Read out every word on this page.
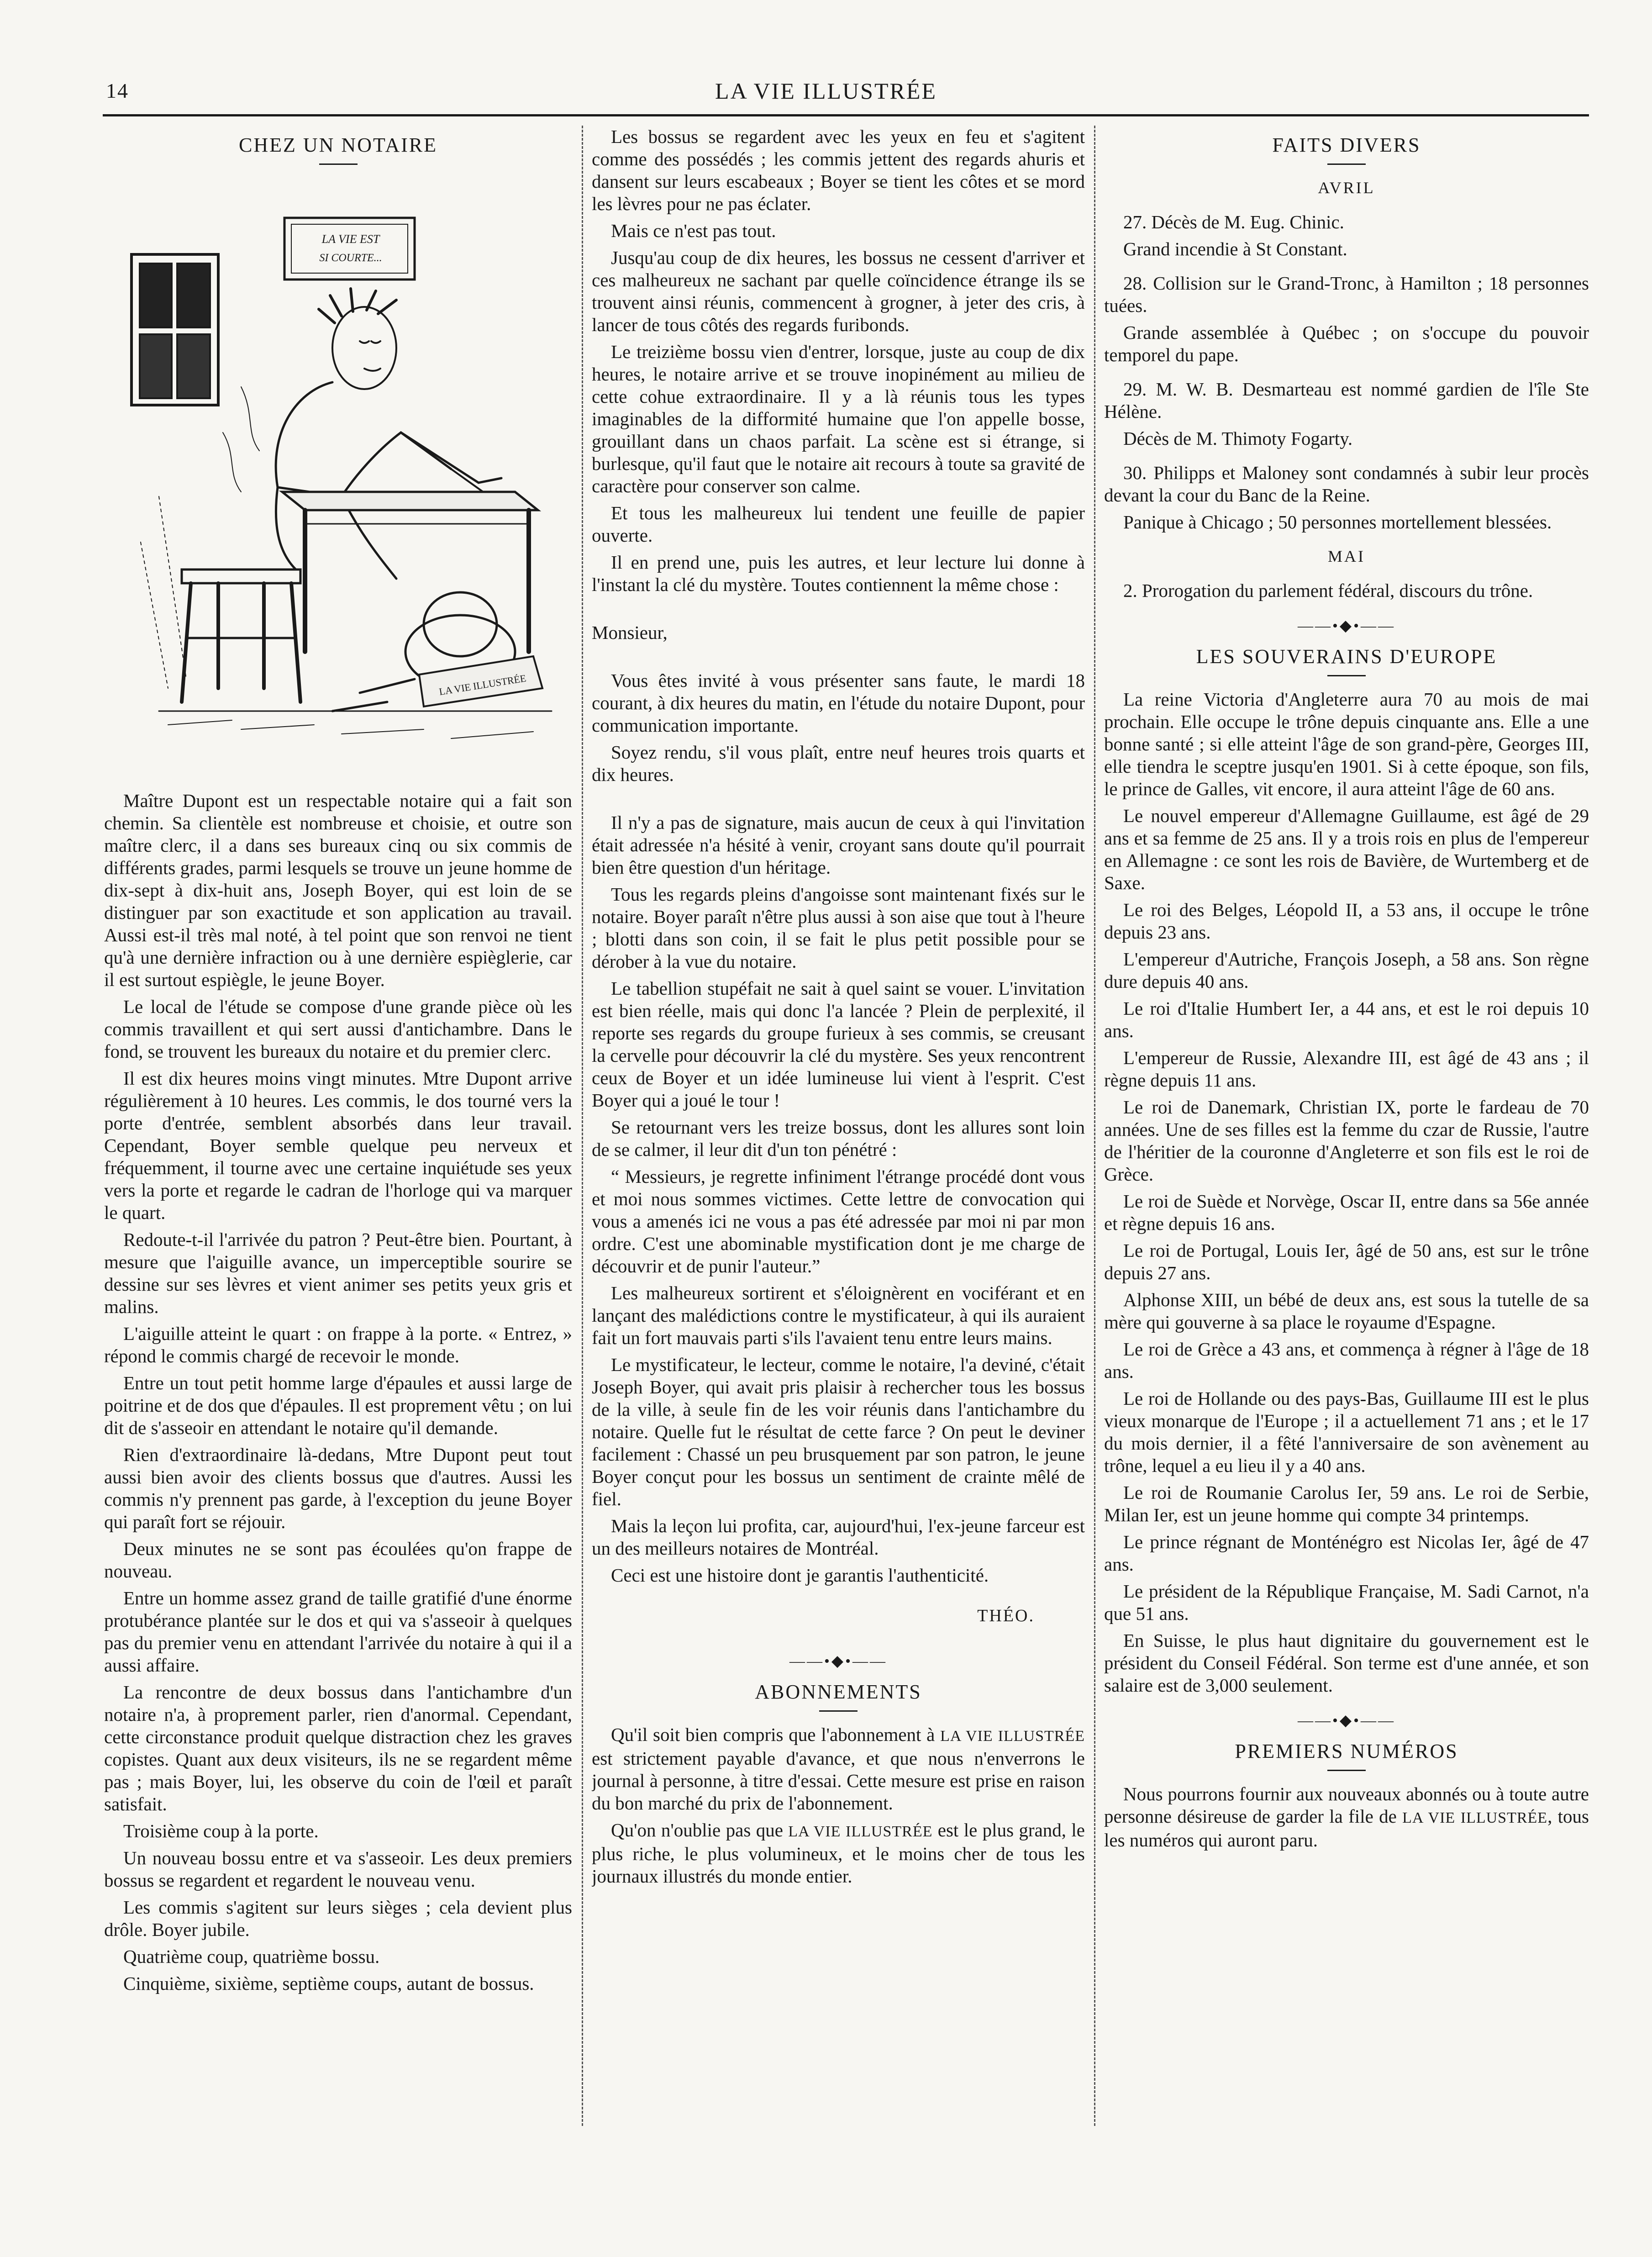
14	LA VIE ILLUSTRÉE
CHEZ UN NOTAIRE
LA VIE EST
SI COURTE...
LA VIE ILLUSTRÉE

Maître Dupont est un respectable notaire qui a fait son chemin. Sa clientèle est nombreuse et choisie, et outre son maître clerc, il a dans ses bureaux cinq ou six commis de différents grades, parmi lesquels se trouve un jeune homme de dix-sept à dix-huit ans, Joseph Boyer, qui est loin de se distinguer par son exactitude et son application au travail. Aussi est-il très mal noté, à tel point que son renvoi ne tient qu'à une dernière infraction ou à une dernière espièglerie, car il est surtout espiègle, le jeune Boyer.

Le local de l'étude se compose d'une grande pièce où les commis travaillent et qui sert aussi d'antichambre. Dans le fond, se trouvent les bureaux du notaire et du premier clerc.

Il est dix heures moins vingt minutes. Mtre Dupont arrive régulièrement à 10 heures. Les commis, le dos tourné vers la porte d'entrée, semblent absorbés dans leur travail. Cependant, Boyer semble quelque peu nerveux et fréquemment, il tourne avec une certaine inquiétude ses yeux vers la porte et regarde le cadran de l'horloge qui va marquer le quart.

Redoute-t-il l'arrivée du patron ? Peut-être bien. Pourtant, à mesure que l'aiguille avance, un imperceptible sourire se dessine sur ses lèvres et vient animer ses petits yeux gris et malins.

L'aiguille atteint le quart : on frappe à la porte. « Entrez, » répond le commis chargé de recevoir le monde.

Entre un tout petit homme large d'épaules et aussi large de poitrine et de dos que d'épaules. Il est proprement vêtu ; on lui dit de s'asseoir en attendant le notaire qu'il demande.

Rien d'extraordinaire là-dedans, Mtre Dupont peut tout aussi bien avoir des clients bossus que d'autres. Aussi les commis n'y prennent pas garde, à l'exception du jeune Boyer qui paraît fort se réjouir.

Deux minutes ne se sont pas écoulées qu'on frappe de nouveau.

Entre un homme assez grand de taille gratifié d'une énorme protubérance plantée sur le dos et qui va s'asseoir à quelques pas du premier venu en attendant l'arrivée du notaire à qui il a aussi affaire.

La rencontre de deux bossus dans l'antichambre d'un notaire n'a, à proprement parler, rien d'anormal. Cependant, cette circonstance produit quelque distraction chez les graves copistes. Quant aux deux visiteurs, ils ne se regardent même pas ; mais Boyer, lui, les observe du coin de l'œil et paraît satisfait.

Troisième coup à la porte.

Un nouveau bossu entre et va s'asseoir. Les deux premiers bossus se regardent et regardent le nouveau venu.

Les commis s'agitent sur leurs sièges ; cela devient plus drôle. Boyer jubile.

Quatrième coup, quatrième bossu.

Cinquième, sixième, septième coups, autant de bossus.

Les bossus se regardent avec les yeux en feu et s'agitent comme des possédés ; les commis jettent des regards ahuris et dansent sur leurs escabeaux ; Boyer se tient les côtes et se mord les lèvres pour ne pas éclater.

Mais ce n'est pas tout.

Jusqu'au coup de dix heures, les bossus ne cessent d'arriver et ces malheureux ne sachant par quelle coïncidence étrange ils se trouvent ainsi réunis, commencent à grogner, à jeter des cris, à lancer de tous côtés des regards furibonds.

Le treizième bossu vien d'entrer, lorsque, juste au coup de dix heures, le notaire arrive et se trouve inopinément au milieu de cette cohue extraordinaire. Il y a là réunis tous les types imaginables de la difformité humaine que l'on appelle bosse, grouillant dans un chaos parfait. La scène est si étrange, si burlesque, qu'il faut que le notaire ait recours à toute sa gravité de caractère pour conserver son calme.

Et tous les malheureux lui tendent une feuille de papier ouverte.

Il en prend une, puis les autres, et leur lecture lui donne à l'instant la clé du mystère. Toutes contiennent la même chose :

Monsieur,

Vous êtes invité à vous présenter sans faute, le mardi 18 courant, à dix heures du matin, en l'étude du notaire Dupont, pour communication importante.

Soyez rendu, s'il vous plaît, entre neuf heures trois quarts et dix heures.

Il n'y a pas de signature, mais aucun de ceux à qui l'invitation était adressée n'a hésité à venir, croyant sans doute qu'il pourrait bien être question d'un héritage.

Tous les regards pleins d'angoisse sont maintenant fixés sur le notaire. Boyer paraît n'être plus aussi à son aise que tout à l'heure ; blotti dans son coin, il se fait le plus petit possible pour se dérober à la vue du notaire.

Le tabellion stupéfait ne sait à quel saint se vouer. L'invitation est bien réelle, mais qui donc l'a lancée ? Plein de perplexité, il reporte ses regards du groupe furieux à ses commis, se creusant la cervelle pour découvrir la clé du mystère. Ses yeux rencontrent ceux de Boyer et un idée lumineuse lui vient à l'esprit. C'est Boyer qui a joué le tour !

Se retournant vers les treize bossus, dont les allures sont loin de se calmer, il leur dit d'un ton pénétré :

“ Messieurs, je regrette infiniment l'étrange procédé dont vous et moi nous sommes victimes. Cette lettre de convocation qui vous a amenés ici ne vous a pas été adressée par moi ni par mon ordre. C'est une abominable mystification dont je me charge de découvrir et de punir l'auteur.”

Les malheureux sortirent et s'éloignèrent en vociférant et en lançant des malédictions contre le mystificateur, à qui ils auraient fait un fort mauvais parti s'ils l'avaient tenu entre leurs mains.

Le mystificateur, le lecteur, comme le notaire, l'a deviné, c'était Joseph Boyer, qui avait pris plaisir à rechercher tous les bossus de la ville, à seule fin de les voir réunis dans l'antichambre du notaire. Quelle fut le résultat de cette farce ? On peut le deviner facilement : Chassé un peu brusquement par son patron, le jeune Boyer conçut pour les bossus un sentiment de crainte mêlé de fiel.

Mais la leçon lui profita, car, aujourd'hui, l'ex-jeune farceur est un des meilleurs notaires de Montréal.

Ceci est une histoire dont je garantis l'authenticité.

THÉO.
——•◆•——
ABONNEMENTS

Qu'il soit bien compris que l'abonnement à LA VIE ILLUSTRÉE est strictement payable d'avance, et que nous n'enverrons le journal à personne, à titre d'essai. Cette mesure est prise en raison du bon marché du prix de l'abonnement.

Qu'on n'oublie pas que LA VIE ILLUSTRÉE est le plus grand, le plus riche, le plus volumineux, et le moins cher de tous les journaux illustrés du monde entier.

FAITS DIVERS
AVRIL

27. Décès de M. Eug. Chinic.

Grand incendie à St Constant.

28. Collision sur le Grand-Tronc, à Hamilton ; 18 personnes tuées.

Grande assemblée à Québec ; on s'occupe du pouvoir temporel du pape.

29. M. W. B. Desmarteau est nommé gardien de l'île Ste Hélène.

Décès de M. Thimoty Fogarty.

30. Philipps et Maloney sont condamnés à subir leur procès devant la cour du Banc de la Reine.

Panique à Chicago ; 50 personnes mortellement blessées.

MAI

2. Prorogation du parlement fédéral, discours du trône.

——•◆•——
LES SOUVERAINS D'EUROPE

La reine Victoria d'Angleterre aura 70 au mois de mai prochain. Elle occupe le trône depuis cinquante ans. Elle a une bonne santé ; si elle atteint l'âge de son grand-père, Georges III, elle tiendra le sceptre jusqu'en 1901. Si à cette époque, son fils, le prince de Galles, vit encore, il aura atteint l'âge de 60 ans.

Le nouvel empereur d'Allemagne Guillaume, est âgé de 29 ans et sa femme de 25 ans. Il y a trois rois en plus de l'empereur en Allemagne : ce sont les rois de Bavière, de Wurtemberg et de Saxe.

Le roi des Belges, Léopold II, a 53 ans, il occupe le trône depuis 23 ans.

L'empereur d'Autriche, François Joseph, a 58 ans. Son règne dure depuis 40 ans.

Le roi d'Italie Humbert Ier, a 44 ans, et est le roi depuis 10 ans.

L'empereur de Russie, Alexandre III, est âgé de 43 ans ; il règne depuis 11 ans.

Le roi de Danemark, Christian IX, porte le fardeau de 70 années. Une de ses filles est la femme du czar de Russie, l'autre de l'héritier de la couronne d'Angleterre et son fils est le roi de Grèce.

Le roi de Suède et Norvège, Oscar II, entre dans sa 56e année et règne depuis 16 ans.

Le roi de Portugal, Louis Ier, âgé de 50 ans, est sur le trône depuis 27 ans.

Alphonse XIII, un bébé de deux ans, est sous la tutelle de sa mère qui gouverne à sa place le royaume d'Espagne.

Le roi de Grèce a 43 ans, et commença à régner à l'âge de 18 ans.

Le roi de Hollande ou des pays-Bas, Guillaume III est le plus vieux monarque de l'Europe ; il a actuellement 71 ans ; et le 17 du mois dernier, il a fêté l'anniversaire de son avènement au trône, lequel a eu lieu il y a 40 ans.

Le roi de Roumanie Carolus Ier, 59 ans. Le roi de Serbie, Milan Ier, est un jeune homme qui compte 34 printemps.

Le prince régnant de Monténégro est Nicolas Ier, âgé de 47 ans.

Le président de la République Française, M. Sadi Carnot, n'a que 51 ans.

En Suisse, le plus haut dignitaire du gouvernement est le président du Conseil Fédéral. Son terme est d'une année, et son salaire est de 3,000 seulement.

——•◆•——
PREMIERS NUMÉROS

Nous pourrons fournir aux nouveaux abonnés ou à toute autre personne désireuse de garder la file de LA VIE ILLUSTRÉE, tous les numéros qui auront paru.
